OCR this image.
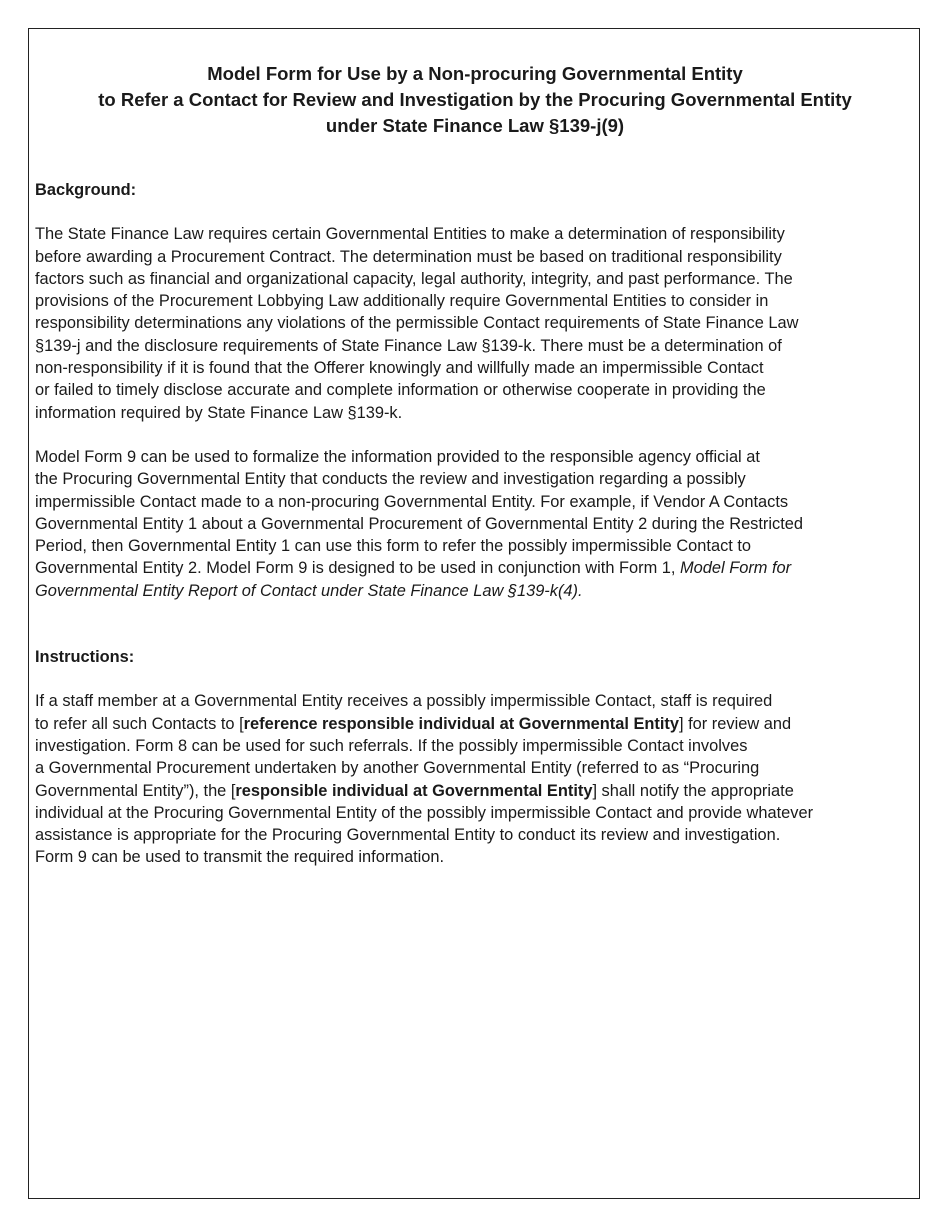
Model Form for Use by a Non-procuring Governmental Entity
to Refer a Contact for Review and Investigation by the Procuring Governmental Entity
under State Finance Law §139-j(9)

Background:

The State Finance Law requires certain Governmental Entities to make a determination of responsibility
before awarding a Procurement Contract. The determination must be based on traditional responsibility
factors such as financial and organizational capacity, legal authority, integrity, and past performance. The
provisions of the Procurement Lobbying Law additionally require Governmental Entities to consider in
responsibility determinations any violations of the permissible Contact requirements of State Finance Law
§139-j and the disclosure requirements of State Finance Law §139-k. There must be a determination of
non-responsibility if it is found that the Offerer knowingly and willfully made an impermissible Contact
or failed to timely disclose accurate and complete information or otherwise cooperate in providing the
information required by State Finance Law §139-k.

Model Form 9 can be used to formalize the information provided to the responsible agency official at
the Procuring Governmental Entity that conducts the review and investigation regarding a possibly
impermissible Contact made to a non-procuring Governmental Entity. For example, if Vendor A Contacts
Governmental Entity 1 about a Governmental Procurement of Governmental Entity 2 during the Restricted
Period, then Governmental Entity 1 can use this form to refer the possibly impermissible Contact to
Governmental Entity 2. Model Form 9 is designed to be used in conjunction with Form 1, Model Form for
Governmental Entity Report of Contact under State Finance Law §139-k(4).

Instructions:

If a staff member at a Governmental Entity receives a possibly impermissible Contact, staff is required
to refer all such Contacts to [reference responsible individual at Governmental Entity] for review and
investigation. Form 8 can be used for such referrals. If the possibly impermissible Contact involves
a Governmental Procurement undertaken by another Governmental Entity (referred to as “Procuring
Governmental Entity”), the [responsible individual at Governmental Entity] shall notify the appropriate
individual at the Procuring Governmental Entity of the possibly impermissible Contact and provide whatever
assistance is appropriate for the Procuring Governmental Entity to conduct its review and investigation.
Form 9 can be used to transmit the required information.
